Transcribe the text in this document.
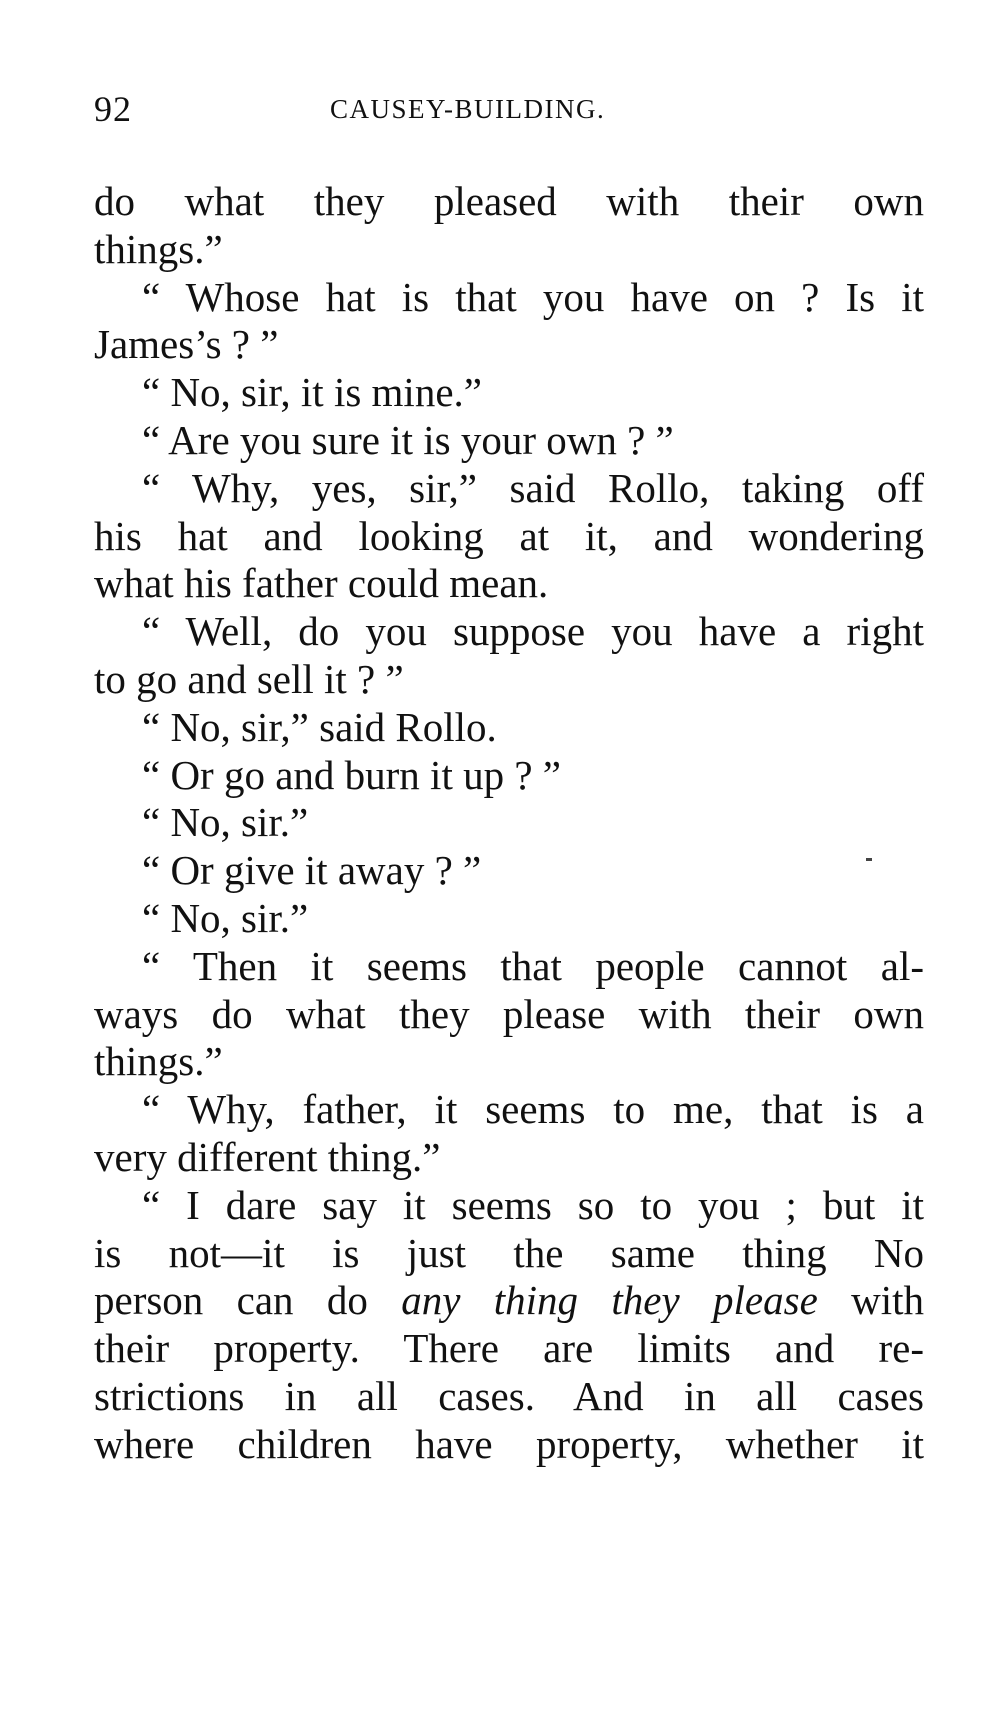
92	CAUSEY-BUILDING.
do what they pleased with their own
things.”
“ Whose hat is that you have on ? Is it
James’s ? ”
“ No, sir, it is mine.”
“ Are you sure it is your own ? ”
“ Why, yes, sir,” said Rollo, taking off
his hat and looking at it, and wondering
what his father could mean.
“ Well, do you suppose you have a right
to go and sell it ? ”
“ No, sir,” said Rollo.
“ Or go and burn it up ? ”
“ No, sir.”
“ Or give it away ? ”
“ No, sir.”
“ Then it seems that people cannot al-
ways do what they please with their own
things.”
“ Why, father, it seems to me, that is a
very different thing.”
“ I dare say it seems so to you ; but it
is not—it is just the same thing No
person can do any thing they please with
their property. There are limits and re-
strictions in all cases. And in all cases
where children have property, whether it
